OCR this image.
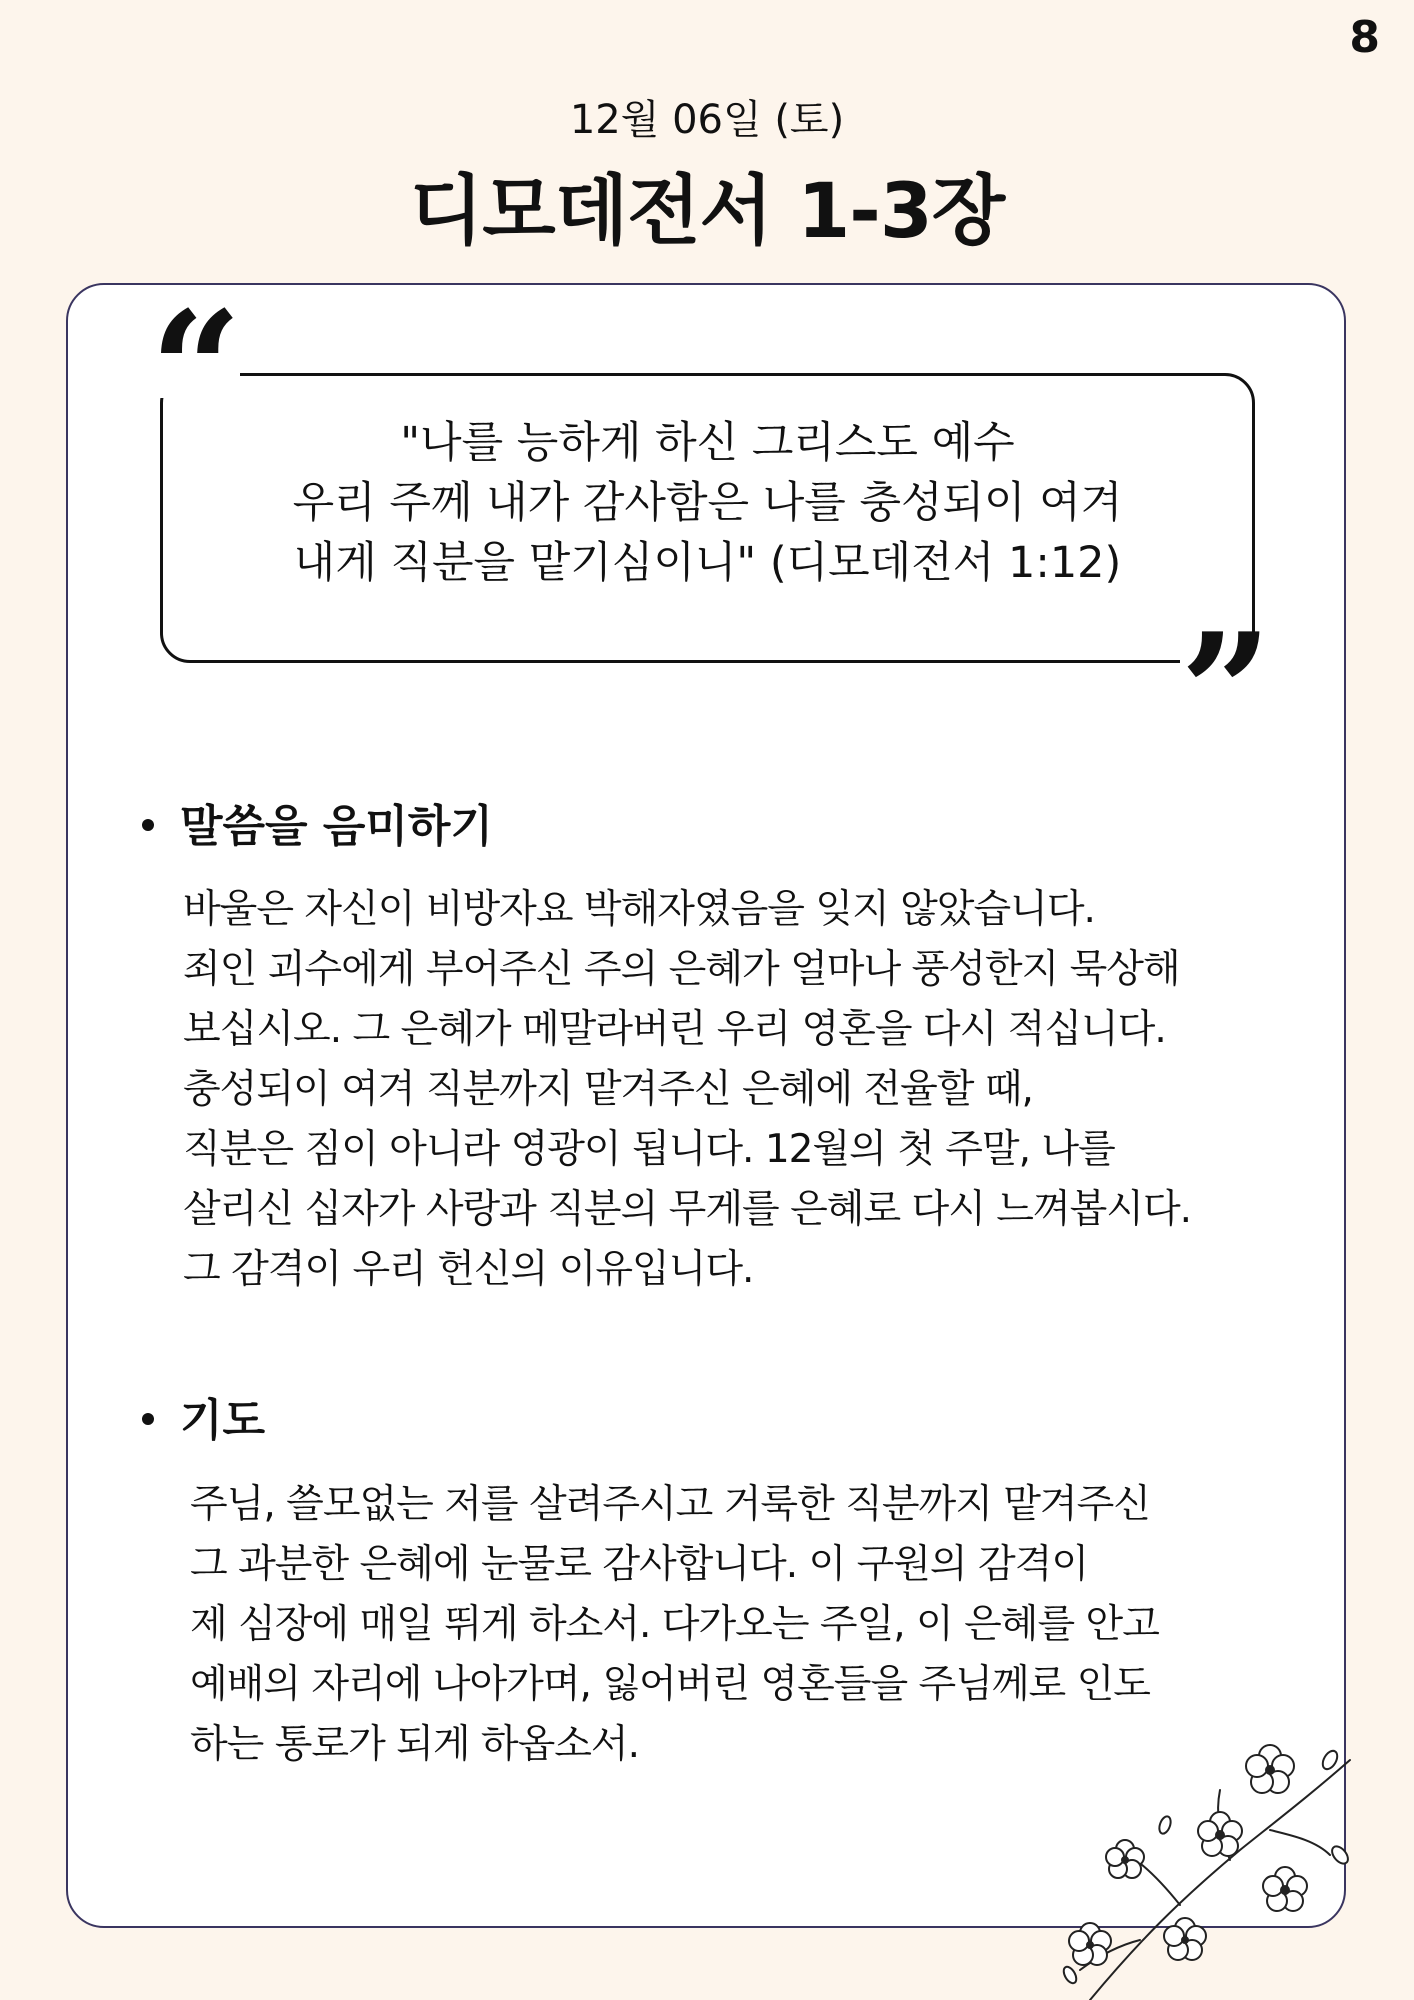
8
12월 06일 (토)
디모데전서 1-3장
“
”
"나를 능하게 하신 그리스도 예수
우리 주께 내가 감사함은 나를 충성되이 여겨
내게 직분을 맡기심이니" (디모데전서 1:12)
말씀을 음미하기
바울은 자신이 비방자요 박해자였음을 잊지 않았습니다.
죄인 괴수에게 부어주신 주의 은혜가 얼마나 풍성한지 묵상해
보십시오. 그 은혜가 메말라버린 우리 영혼을 다시 적십니다.
충성되이 여겨 직분까지 맡겨주신 은혜에 전율할 때,
직분은 짐이 아니라 영광이 됩니다. 12월의 첫 주말, 나를
살리신 십자가 사랑과 직분의 무게를 은혜로 다시 느껴봅시다.
그 감격이 우리 헌신의 이유입니다.
기도
주님, 쓸모없는 저를 살려주시고 거룩한 직분까지 맡겨주신
그 과분한 은혜에 눈물로 감사합니다. 이 구원의 감격이
제 심장에 매일 뛰게 하소서. 다가오는 주일, 이 은혜를 안고
예배의 자리에 나아가며, 잃어버린 영혼들을 주님께로 인도
하는 통로가 되게 하옵소서.
